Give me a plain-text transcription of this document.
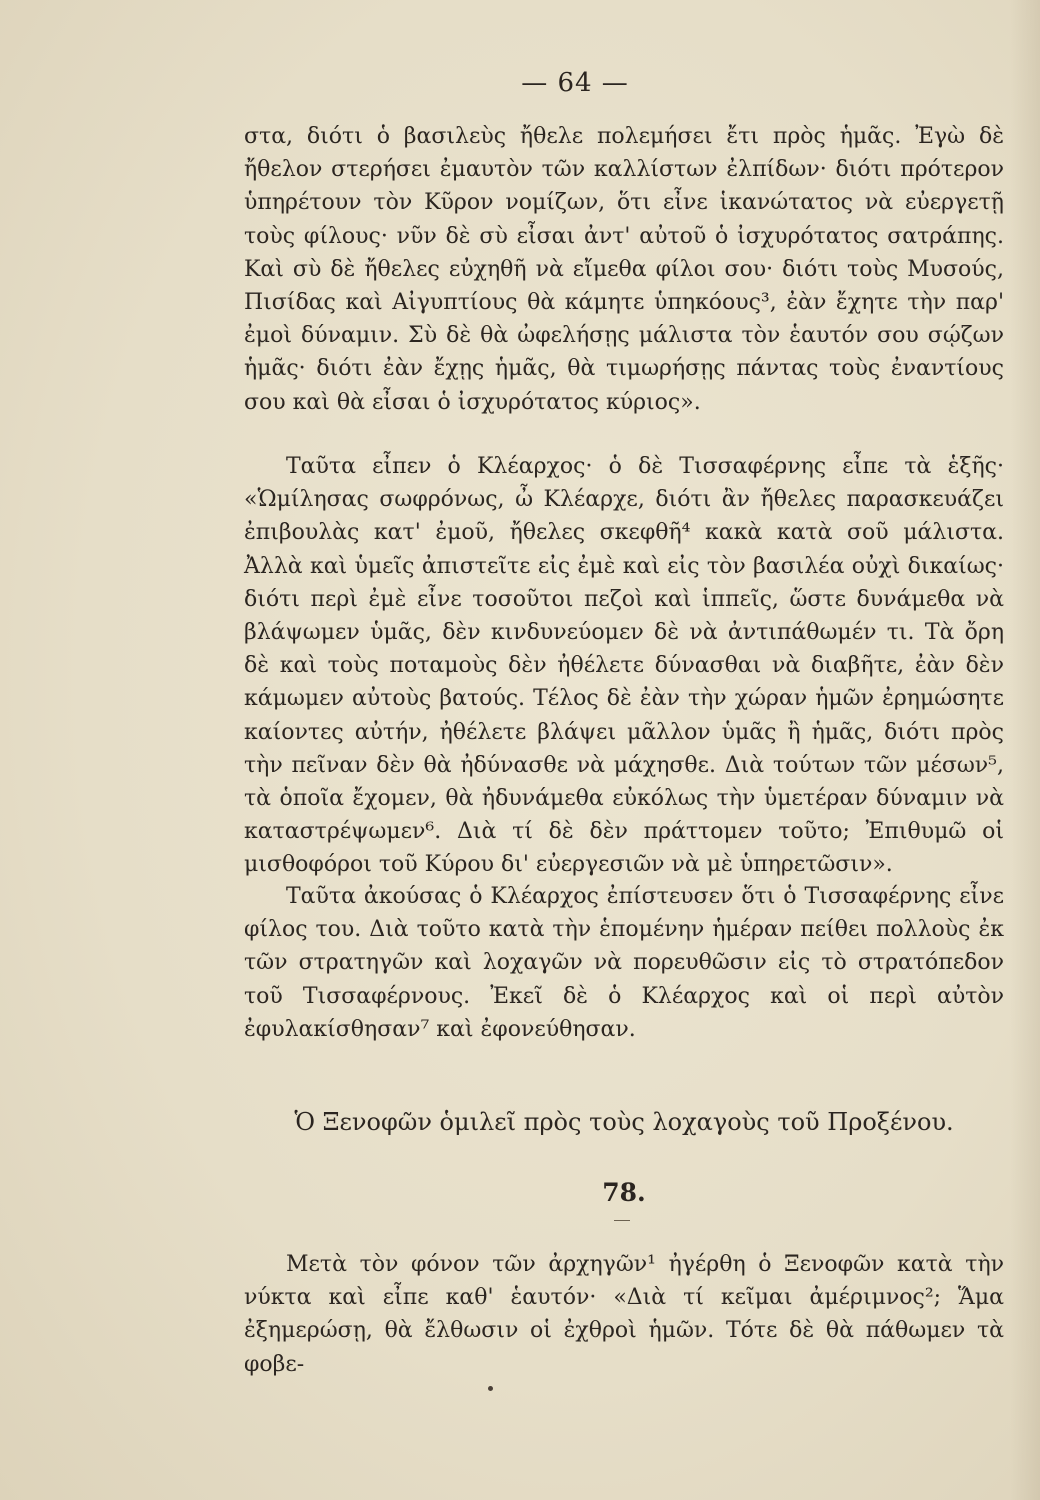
— 64 —

στα, διότι ὁ βασιλεὺς ἤθελε πολεμήσει ἔτι πρὸς ἡμᾶς. Ἐγὼ δὲ ἤθελον στερήσει ἐμαυτὸν τῶν καλλίστων ἐλπίδων· διότι πρότερον ὑπηρέτουν τὸν Κῦρον νομίζων, ὅτι εἶνε ἱκανώτατος νὰ εὐεργετῇ τοὺς φίλους· νῦν δὲ σὺ εἶσαι ἀντ' αὐτοῦ ὁ ἰσχυρότατος σατράπης. Καὶ σὺ δὲ ἤθελες εὐχηθῆ νὰ εἴμεθα φίλοι σου· διότι τοὺς Μυσούς, Πισίδας καὶ Αἰγυπτίους θὰ κάμητε ὑπηκόους³, ἐὰν ἔχητε τὴν παρ' ἐμοὶ δύναμιν. Σὺ δὲ θὰ ὠφελήσῃς μάλιστα τὸν ἑαυτόν σου σῴζων ἡμᾶς· διότι ἐὰν ἔχῃς ἡμᾶς, θὰ τιμωρήσῃς πάντας τοὺς ἐναντίους σου καὶ θὰ εἶσαι ὁ ἰσχυρότατος κύριος».

Ταῦτα εἶπεν ὁ Κλέαρχος· ὁ δὲ Τισσαφέρνης εἶπε τὰ ἑξῆς· «Ὡμίλησας σωφρόνως, ὦ Κλέαρχε, διότι ἂν ἤθελες παρασκευάζει ἐπιβουλὰς κατ' ἐμοῦ, ἤθελες σκεφθῆ⁴ κακὰ κατὰ σοῦ μάλιστα. Ἀλλὰ καὶ ὑμεῖς ἀπιστεῖτε εἰς ἐμὲ καὶ εἰς τὸν βασιλέα οὐχὶ δικαίως· διότι περὶ ἐμὲ εἶνε τοσοῦτοι πεζοὶ καὶ ἱππεῖς, ὥστε δυνάμεθα νὰ βλάψωμεν ὑμᾶς, δὲν κινδυνεύομεν δὲ νὰ ἀντιπάθωμέν τι. Τὰ ὄρη δὲ καὶ τοὺς ποταμοὺς δὲν ἠθέλετε δύνασθαι νὰ διαβῆτε, ἐὰν δὲν κάμωμεν αὐτοὺς βατούς. Τέλος δὲ ἐὰν τὴν χώραν ἡμῶν ἐρημώσητε καίοντες αὐτήν, ἠθέλετε βλάψει μᾶλλον ὑμᾶς ἢ ἡμᾶς, διότι πρὸς τὴν πεῖναν δὲν θὰ ἠδύνασθε νὰ μάχησθε. Διὰ τούτων τῶν μέσων⁵, τὰ ὁποῖα ἔχομεν, θὰ ἠδυνάμεθα εὐκόλως τὴν ὑμετέραν δύναμιν νὰ καταστρέψωμεν⁶. Διὰ τί δὲ δὲν πράττομεν τοῦτο; Ἐπιθυμῶ οἱ μισθοφόροι τοῦ Κύρου δι' εὐεργεσιῶν νὰ μὲ ὑπηρετῶσιν».

Ταῦτα ἀκούσας ὁ Κλέαρχος ἐπίστευσεν ὅτι ὁ Τισσαφέρνης εἶνε φίλος του. Διὰ τοῦτο κατὰ τὴν ἑπομένην ἡμέραν πείθει πολλοὺς ἐκ τῶν στρατηγῶν καὶ λοχαγῶν νὰ πορευθῶσιν εἰς τὸ στρατόπεδον τοῦ Τισσαφέρνους. Ἐκεῖ δὲ ὁ Κλέαρχος καὶ οἱ περὶ αὐτὸν ἐφυλακίσθησαν⁷ καὶ ἐφονεύθησαν.

Ὁ Ξενοφῶν ὁμιλεῖ πρὸς τοὺς λοχαγοὺς τοῦ Προξένου.
78.

Μετὰ τὸν φόνον τῶν ἀρχηγῶν¹ ἠγέρθη ὁ Ξενοφῶν κατὰ τὴν νύκτα καὶ εἶπε καθ' ἑαυτόν· «Διὰ τί κεῖμαι ἀμέριμνος²; Ἅμα ἐξημερώσῃ, θὰ ἔλθωσιν οἱ ἐχθροὶ ἡμῶν. Τότε δὲ θὰ πάθωμεν τὰ φοβε-
